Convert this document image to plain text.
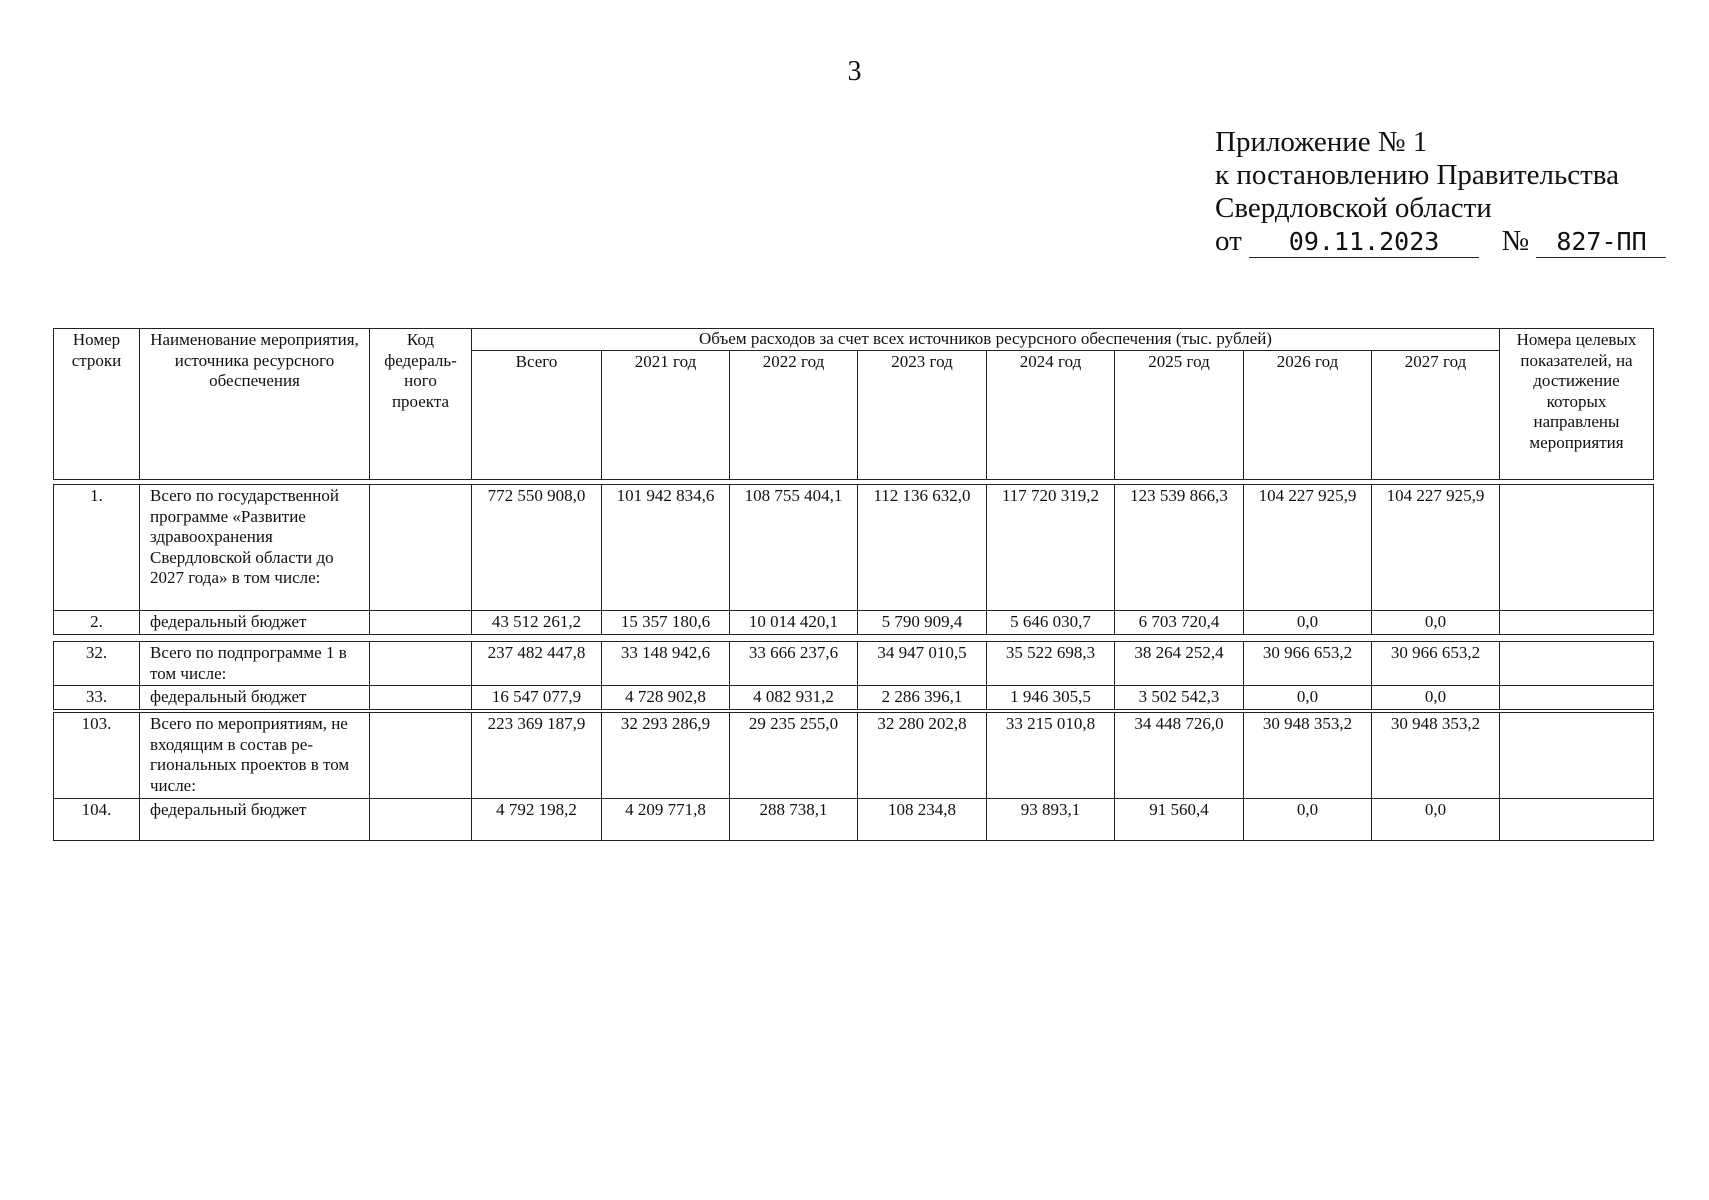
3
Приложение № 1
к постановлению Правительства
Свердловской области
от 09.11.2023 № 827-ПП
Номер строки	Наименование мероприятия, источника ресурсного обеспечения	Код федераль-ного проекта	Объем расходов за счет всех источников ресурсного обеспечения (тыс. рублей)								Номера целевых показателей, на достижение которых направлены мероприятия
			Всего	2021 год	2022 год	2023 год	2024 год	2025 год	2026 год	2027 год	
1.	Всего по государственной программе «Развитие здравоохранения Свердловской области до 2027 года» в том числе:		772 550 908,0	101 942 834,6	108 755 404,1	112 136 632,0	117 720 319,2	123 539 866,3	104 227 925,9	104 227 925,9	
2.	федеральный бюджет		43 512 261,2	15 357 180,6	10 014 420,1	5 790 909,4	5 646 030,7	6 703 720,4	0,0	0,0	
32.	Всего по подпрограмме 1 в том числе:		237 482 447,8	33 148 942,6	33 666 237,6	34 947 010,5	35 522 698,3	38 264 252,4	30 966 653,2	30 966 653,2	
33.	федеральный бюджет		16 547 077,9	4 728 902,8	4 082 931,2	2 286 396,1	1 946 305,5	3 502 542,3	0,0	0,0	
103.	Всего по мероприятиям, не входящим в состав ре-гиональных проектов в том числе:		223 369 187,9	32 293 286,9	29 235 255,0	32 280 202,8	33 215 010,8	34 448 726,0	30 948 353,2	30 948 353,2	
104.	федеральный бюджет		4 792 198,2	4 209 771,8	288 738,1	108 234,8	93 893,1	91 560,4	0,0	0,0	
